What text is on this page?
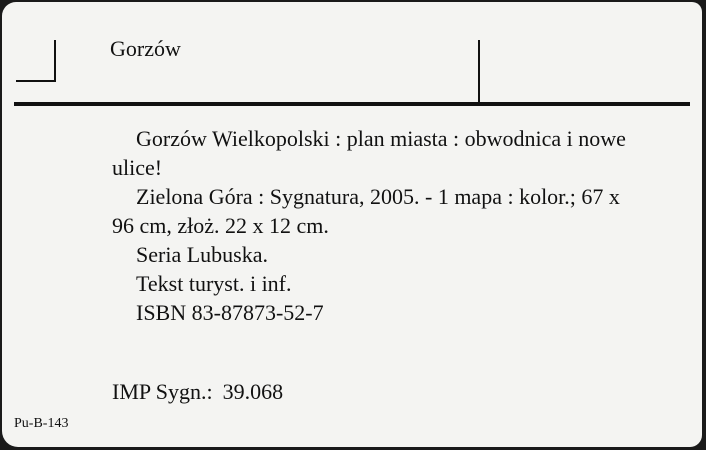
Gorzów

Gorzów Wielkopolski : plan miasta : obwodnica i nowe ulice!

Zielona Góra : Sygnatura, 2005. - 1 mapa : kolor.; 67 x 96 cm, złoż. 22 x 12 cm.

Seria Lubuska.

Tekst turyst. i inf.

ISBN 83-87873-52-7

IMP Sygn.: 39.068
Pu-B-143
